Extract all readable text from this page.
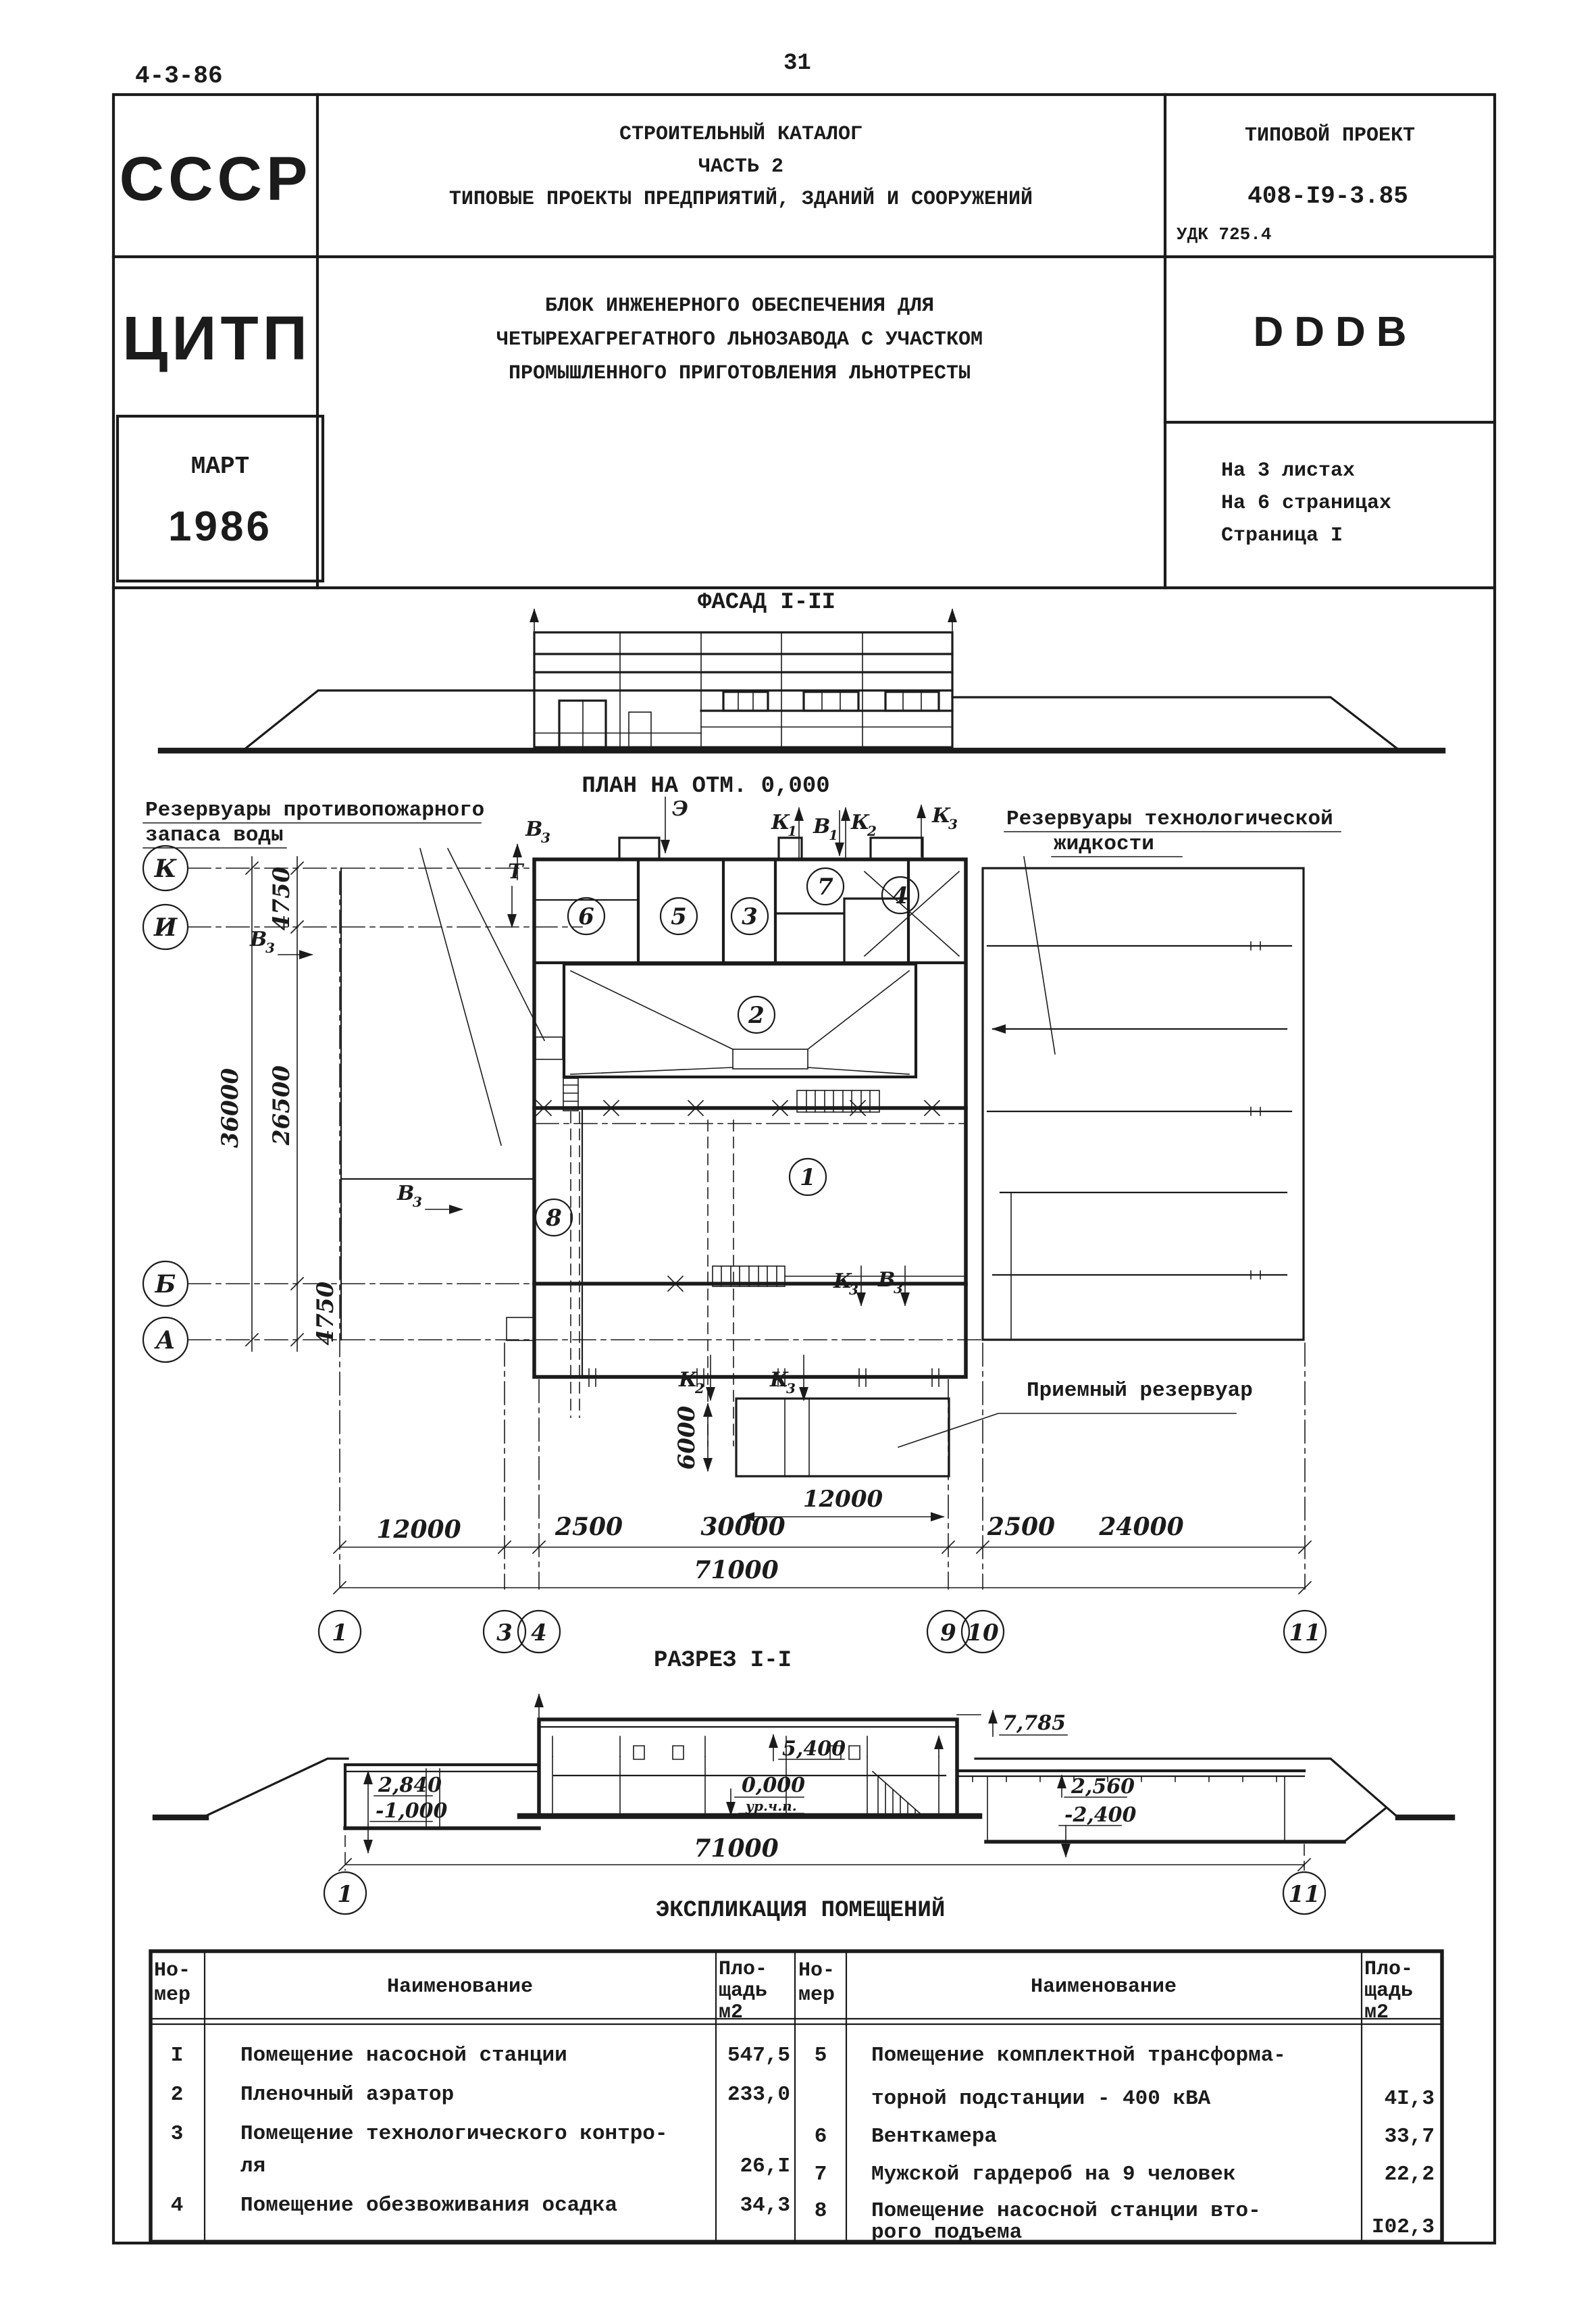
4-3-86	31
СССР
ЦИТП
СТРОИТЕЛЬНЫЙ КАТАЛОГ
ЧАСТЬ 2
ТИПОВЫЕ ПРОЕКТЫ ПРЕДПРИЯТИЙ, ЗДАНИЙ И СООРУЖЕНИЙ
ТИПОВОЙ ПРОЕКТ
408-I9-3.85
УДК 725.4
БЛОК ИНЖЕНЕРНОГО ОБЕСПЕЧЕНИЯ ДЛЯ
ЧЕТЫРЕХАГРЕГАТНОГО ЛЬНОЗАВОДА С УЧАСТКОМ
ПРОМЫШЛЕННОГО ПРИГОТОВЛЕНИЯ ЛЬНОТРЕСТЫ
DDDB
На 3 листах
На 6 страницах
Страница I
МАРТ
1986
ФАСАД I-II
ПЛАН НА ОТМ. 0,000
Резервуары противопожарного
запаса воды
Резервуары технологической
жидкости
К
И
Б
А
4750
26500
36000
4750
В
3
Т
Э
К
1 В
1
К
2
К
3
В
3
В
3
К
3 В
3
К
2	К
3
1
2
3
4
5
6
7
8
6000
12000
Приемный резервуар
12000	2500	30000	2500 24000
71000
1	3 4	9 10	11
РАЗРЕЗ I-I
7,785
5,400
0,000
ур.ч.п.
2,840
-1,000
2,560
-2,400
71000
1	11
ЭКСПЛИКАЦИЯ ПОМЕЩЕНИЙ
Но-
мер	Наименование
Пло-
щадь
м2
Но-
мер	Наименование
Пло-
щадь
м2
I	Помещение насосной станции	547,5
2	Пленочный аэратор	233,0
3	Помещение технологического контро-
ля	26,I
4	Помещение обезвоживания осадка	34,3
5 Помещение комплектной трансформа-
торной подстанции - 400 кВА	4I,3
6 Венткамера	33,7
7 Мужской гардероб на 9 человек	22,2
8 Помещение насосной станции вто-
рого подъема	I02,3
